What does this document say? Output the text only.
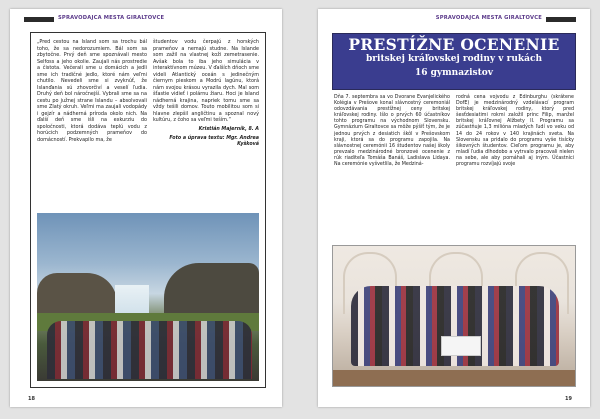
SPRAVODAJCA MESTA GIRALTOVCE

„Pred cestou na Island som sa trochu bál toho, že sa nedorozumiem. Bál som sa zbytočne. Prvý deň sme spoznávali mesto Selfoss a jeho okolie. Zaujali nás prostredie a čistota. Večerali sme u domácich a jedli sme ich tradičné jedlo, ktoré nám veľmi chutilo. Nevedeli sme si zvyknúť, že Islanďania sú zhovorčiví a veselí ľudia. Druhý deň bol náročnejší. Vybrali sme sa na cestu po južnej strane Islandu – absolvovali sme Zlatý okruh. Veľmi ma zaujali vodopády i gejzír a nádherná príroda okolo nich. Na ďalší deň sme išli na exkurziu do spoločnosti, ktorá dodáva teplú vodu z horúcich podzemných prameňov do domácností. Prekvapilo ma, že

študentov vodu čerpajú z horských prameňov a nemajú studne. Na Islande som zažil na vlastnej koži zemetrasenie. Avšak bola to iba jeho simulácia v interaktívnom múzeu. V ďalších dňoch sme videli Atlantický oceán s jedinečným čiernym pieskom a Modrú lagúnu, ktorá nám svojou krásou vyrazila dych. Mal som šťastie vidieť i polárnu žiaru. Hoci je Island nádherná krajina, napriek tomu sme sa vždy tešili domov. Touto mobilitou som si hlavne zlepšil angličtinu a spoznal nový kultúru, z čoho sa veľmi teším.“

Kristián Majerník, 8. A
Foto a úprava textu: Mgr. Andrea Kyšková
18
SPRAVODAJCA MESTA GIRALTOVCE
PRESTÍŽNE OCENENIE
britskej kráľovskej rodiny v rukách
16 gymnazistov

Dňa 7. septembra sa vo Dvorane Evanjelického Kolégia v Prešove konal slávnostný ceremoniál odovzdávania prestížnej ceny britskej kráľovskej rodiny. Išlo o prvých 60 účastníkov tohto programu na východnom Slovensku. Gymnázium Giraltovce sa môže pýšiť tým, že je jednou prvých z desiatich škôl v Prešovskom kraji, ktorá sa do programu zapojila. Na slávnostnej ceremónii 16 študentov našej školy prevzalo medzinárodné bronzové ocenenie z rúk riaditeľa Tomáša Banáš, Ladislava Lidaya. Na ceremónie vyšvetlila, že Medziná-

rodná cena vojvodu z Edinburghu (skrátene DofE) je medzinárodný vzdelávací program britskej kráľovskej rodiny, ktorý pred šesťdesiatimi rokmi založil princ Filip, manžel britskej kráľovnej Alžbety II. Programu sa zúčastňuje 1,3 milióna mladých ľudí vo veku od 14 do 24 rokov v 140 krajinách sveta. Na Slovensku sa pridalo do programu vyše tisícky šikovných študentov. Cieľom programu je, aby mladí ľudia dlhodobo a vytrvalo pracovali nielen na sebe, ale aby pomáhali aj iným. Účastníci programu rozvíjajú svoje

19
